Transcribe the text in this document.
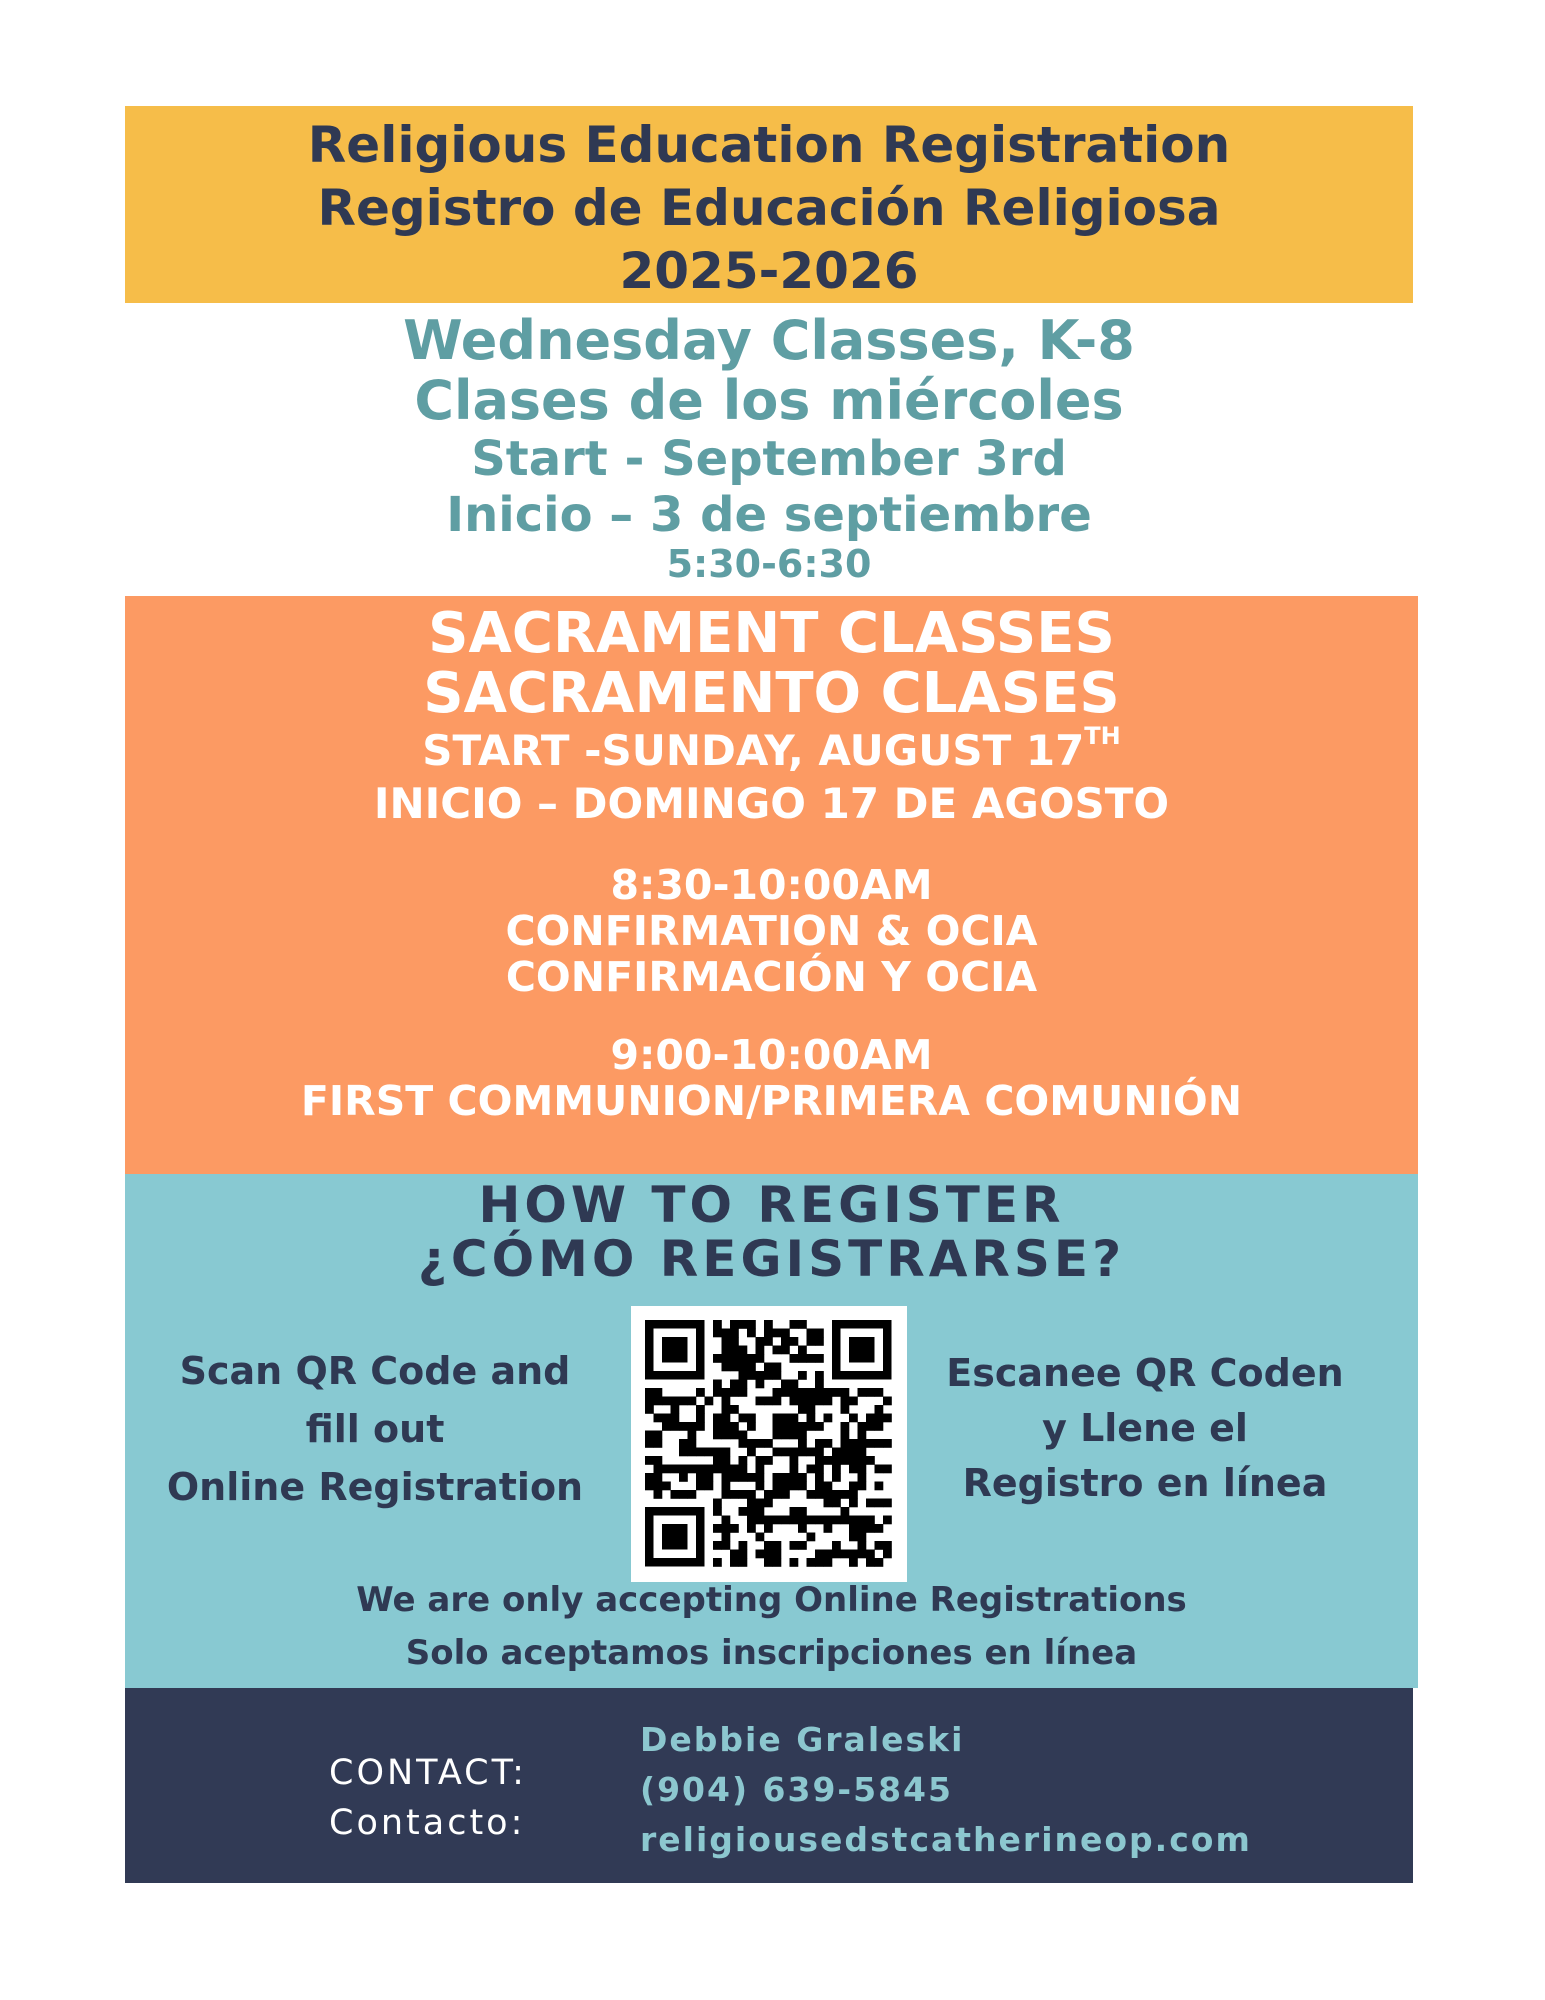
Religious Education Registration
Registro de Educación Religiosa
2025-2026
Wednesday Classes, K-8
Clases de los miércoles
Start - September 3rd
Inicio – 3 de septiembre
5:30-6:30
SACRAMENT CLASSES
SACRAMENTO CLASES
START -SUNDAY, AUGUST 17TH
INICIO – DOMINGO 17 DE AGOSTO
8:30-10:00AM
CONFIRMATION & OCIA
CONFIRMACIÓN Y OCIA
9:00-10:00AM
FIRST COMMUNION/PRIMERA COMUNIÓN
HOW TO REGISTER
¿CÓMO REGISTRARSE?
Scan QR Code and
fill out
Online Registration
Escanee QR Coden
y Llene el
Registro en línea
We are only accepting Online Registrations
Solo aceptamos inscripciones en línea
CONTACT:
Contacto:
Debbie Graleski
(904) 639-5845
religiousedstcatherineop.com
